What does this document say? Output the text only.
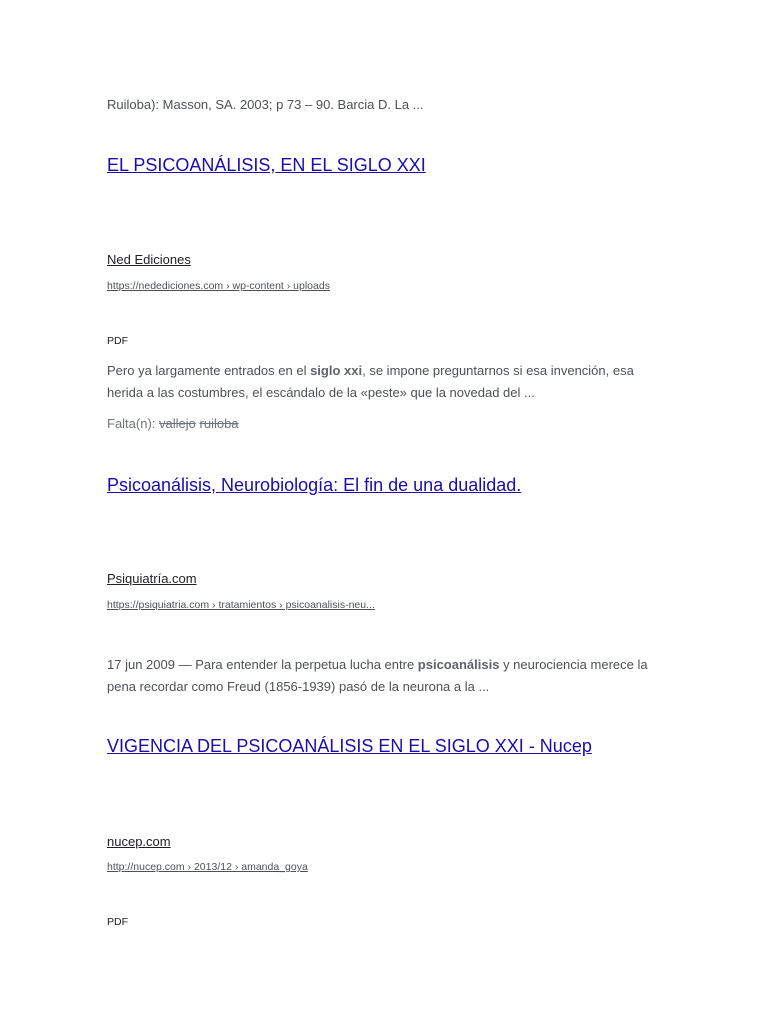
Ruiloba): Masson, SA. 2003; p 73 – 90. Barcia D. La ...
EL PSICOANÁLISIS, EN EL SIGLO XXI
Ned Ediciones
https://nedediciones.com › wp-content › uploads
PDF
Pero ya largamente entrados en el siglo xxi, se impone preguntarnos si esa invención, esa herida a las costumbres, el escándalo de la «peste» que la novedad del ...
Falta(n): vallejo ruiloba
Psicoanálisis, Neurobiología: El fin de una dualidad.
Psiquiatría.com
https://psiquiatria.com › tratamientos › psicoanalisis-neu...
17 jun 2009 — Para entender la perpetua lucha entre psicoanálisis y neurociencia merece la pena recordar como Freud (1856-1939) pasó de la neurona a la ...
VIGENCIA DEL PSICOANÁLISIS EN EL SIGLO XXI - Nucep
nucep.com
http://nucep.com › 2013/12 › amanda_goya
PDF
